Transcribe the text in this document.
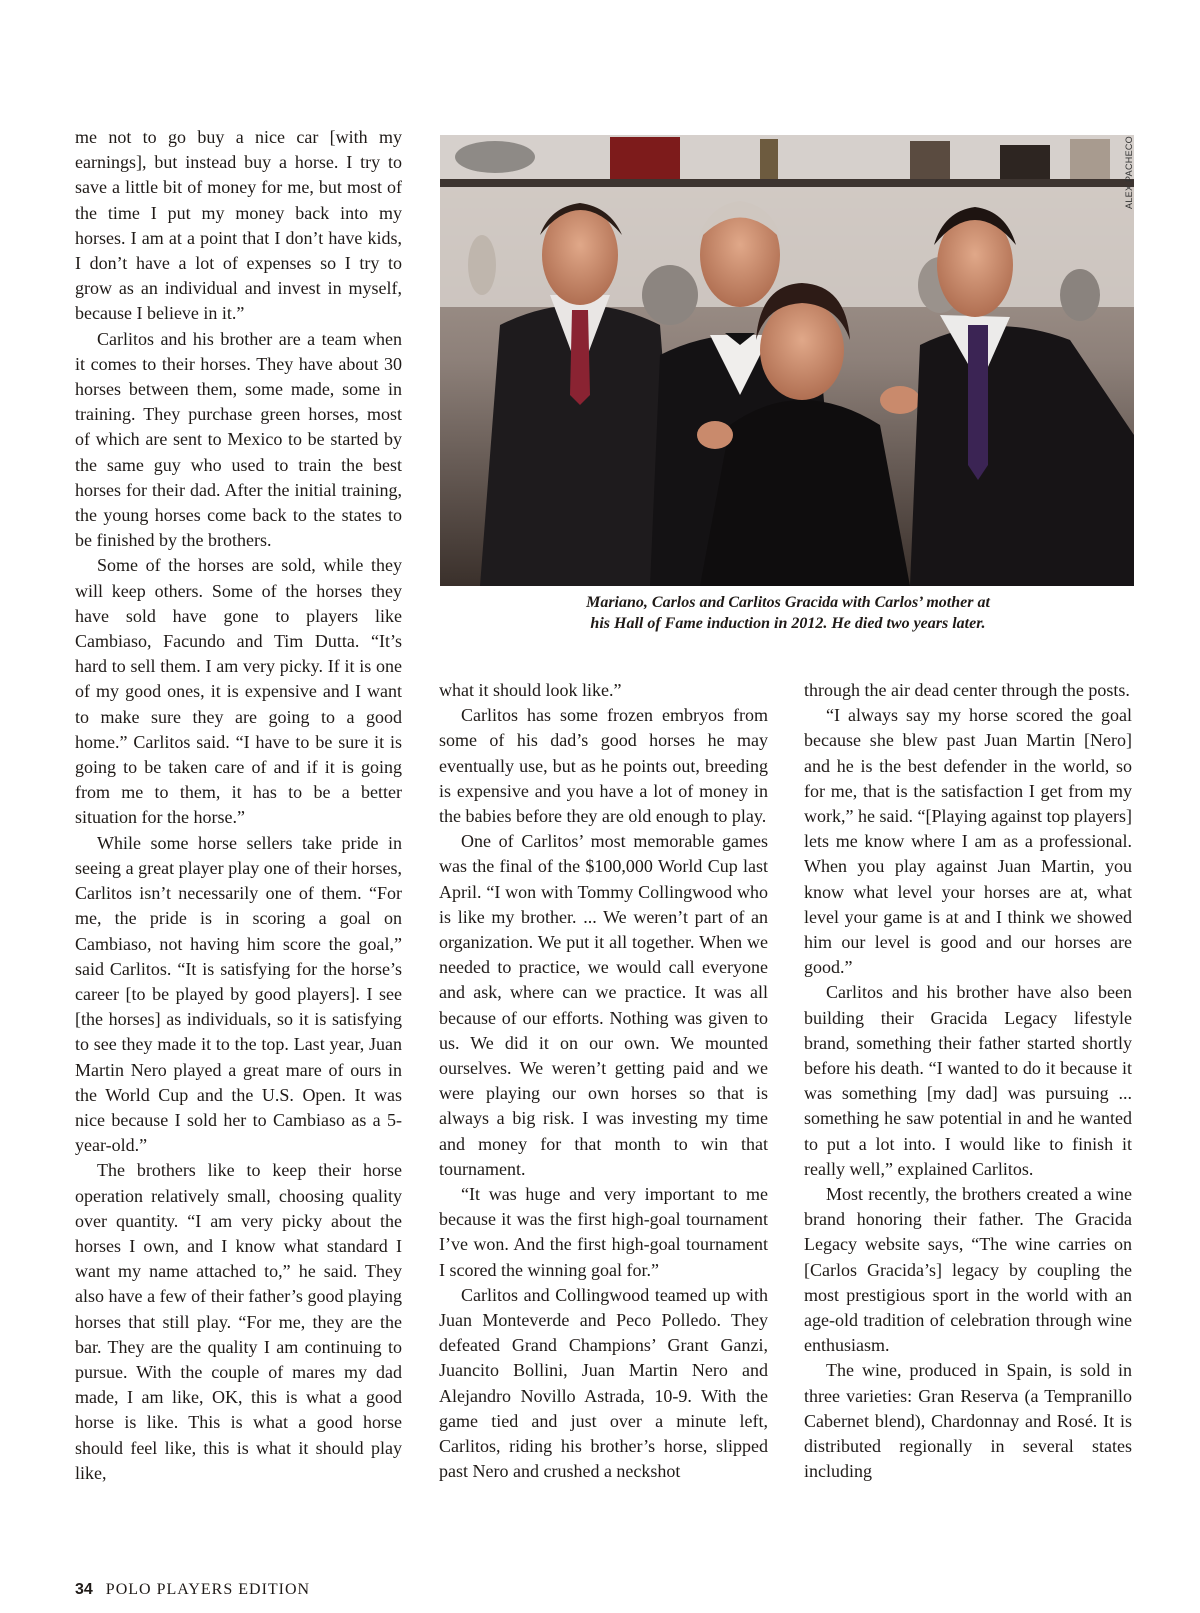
me not to go buy a nice car [with my earnings], but instead buy a horse. I try to save a little bit of money for me, but most of the time I put my money back into my horses. I am at a point that I don’t have kids, I don’t have a lot of expenses so I try to grow as an individual and invest in myself, because I believe in it.”

Carlitos and his brother are a team when it comes to their horses. They have about 30 horses between them, some made, some in training. They purchase green horses, most of which are sent to Mexico to be started by the same guy who used to train the best horses for their dad. After the initial training, the young horses come back to the states to be finished by the brothers.

Some of the horses are sold, while they will keep others. Some of the horses they have sold have gone to players like Cambiaso, Facundo and Tim Dutta. “It’s hard to sell them. I am very picky. If it is one of my good ones, it is expensive and I want to make sure they are going to a good home.” Carlitos said. “I have to be sure it is going to be taken care of and if it is going from me to them, it has to be a better situation for the horse.”

While some horse sellers take pride in seeing a great player play one of their horses, Carlitos isn’t necessarily one of them. “For me, the pride is in scoring a goal on Cambiaso, not having him score the goal,” said Carlitos. “It is satisfying for the horse’s career [to be played by good players]. I see [the horses] as individuals, so it is satisfying to see they made it to the top. Last year, Juan Martin Nero played a great mare of ours in the World Cup and the U.S. Open. It was nice because I sold her to Cambiaso as a 5-year-old.”

The brothers like to keep their horse operation relatively small, choosing quality over quantity. “I am very picky about the horses I own, and I know what standard I want my name attached to,” he said. They also have a few of their father’s good playing horses that still play. “For me, they are the bar. They are the quality I am continuing to pursue. With the couple of mares my dad made, I am like, OK, this is what a good horse is like. This is what a good horse should feel like, this is what it should play like,

ALEX PACHECO
Mariano, Carlos and Carlitos Gracida with Carlos’ mother at
his Hall of Fame induction in 2012. He died two years later.

what it should look like.”

Carlitos has some frozen embryos from some of his dad’s good horses he may eventually use, but as he points out, breeding is expensive and you have a lot of money in the babies before they are old enough to play.

One of Carlitos’ most memorable games was the final of the $100,000 World Cup last April. “I won with Tommy Collingwood who is like my brother. ... We weren’t part of an organization. We put it all together. When we needed to practice, we would call everyone and ask, where can we practice. It was all because of our efforts. Nothing was given to us. We did it on our own. We mounted ourselves. We weren’t getting paid and we were playing our own horses so that is always a big risk. I was investing my time and money for that month to win that tournament.

“It was huge and very important to me because it was the first high-goal tournament I’ve won. And the first high-goal tournament I scored the winning goal for.”

Carlitos and Collingwood teamed up with Juan Monteverde and Peco Polledo. They defeated Grand Champions’ Grant Ganzi, Juancito Bollini, Juan Martin Nero and Alejandro Novillo Astrada, 10-9. With the game tied and just over a minute left, Carlitos, riding his brother’s horse, slipped past Nero and crushed a neckshot

through the air dead center through the posts.

“I always say my horse scored the goal because she blew past Juan Martin [Nero] and he is the best defender in the world, so for me, that is the satisfaction I get from my work,” he said. “[Playing against top players] lets me know where I am as a professional. When you play against Juan Martin, you know what level your horses are at, what level your game is at and I think we showed him our level is good and our horses are good.”

Carlitos and his brother have also been building their Gracida Legacy lifestyle brand, something their father started shortly before his death. “I wanted to do it because it was something [my dad] was pursuing ... something he saw potential in and he wanted to put a lot into. I would like to finish it really well,” explained Carlitos.

Most recently, the brothers created a wine brand honoring their father. The Gracida Legacy website says, “The wine carries on [Carlos Gracida’s] legacy by coupling the most prestigious sport in the world with an age-old tradition of celebration through wine enthusiasm.

The wine, produced in Spain, is sold in three varieties: Gran Reserva (a Tempranillo Cabernet blend), Chardonnay and Rosé. It is distributed regionally in several states including

34 POLO PLAYERS EDITION
